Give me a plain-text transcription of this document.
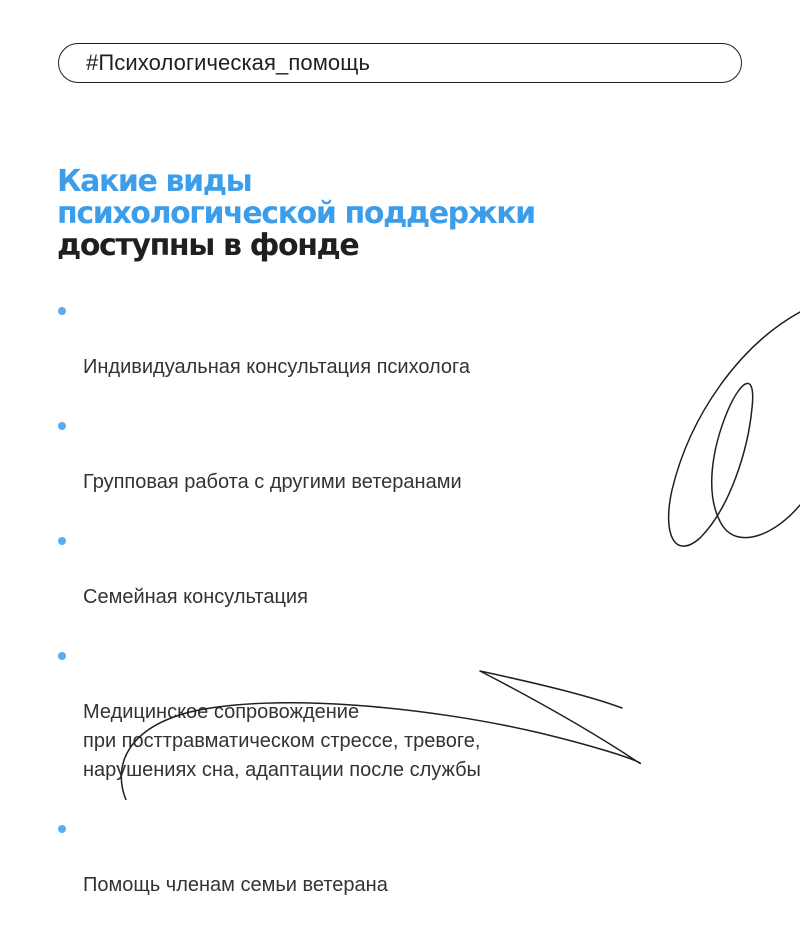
#Психологическая_помощь
Какие виды
психологической поддержки
доступны в фонде

Индивидуальная консультация психолога

Групповая работа с другими ветеранами

Семейная консультация

Медицинское сопровождение
при посттравматическом стрессе, тревоге,
нарушениях сна, адаптации после службы

Помощь членам семьи ветерана
